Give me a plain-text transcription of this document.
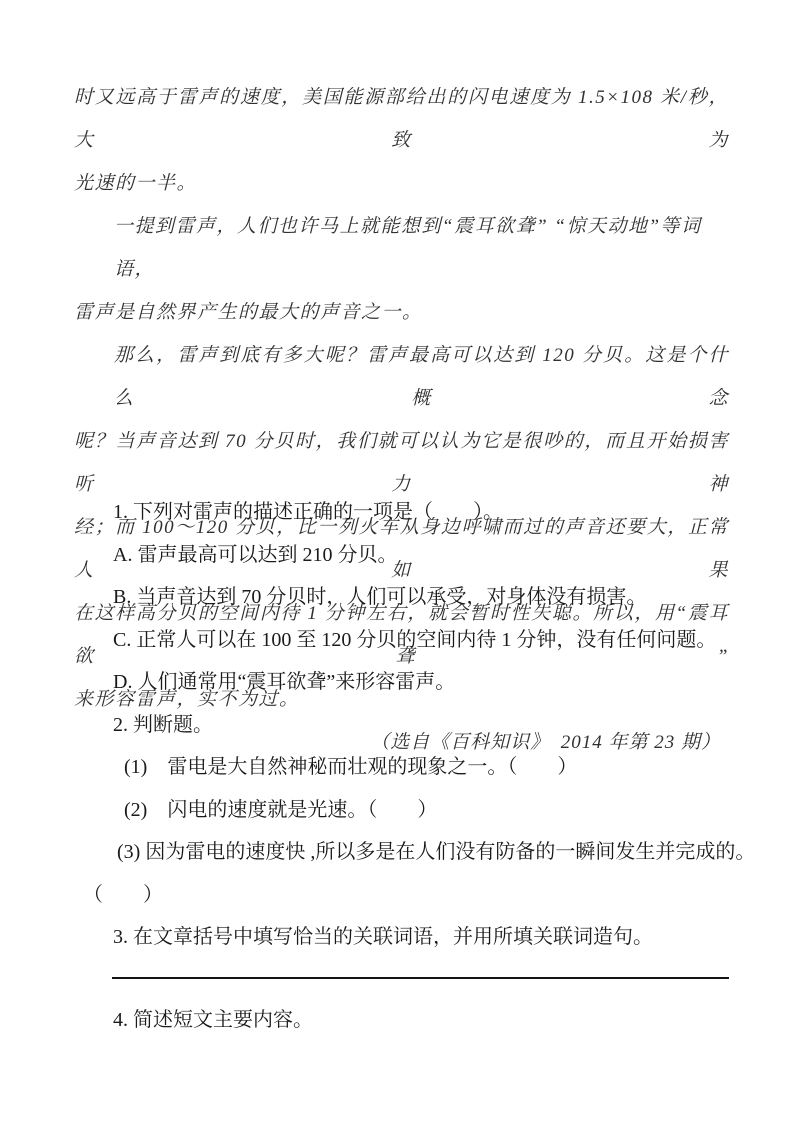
时又远高于雷声的速度，美国能源部给出的闪电速度为 1.5×108 米/秒，大致为
光速的一半。
一提到雷声，人们也许马上就能想到“震耳欲聋” “惊天动地”等词语，
雷声是自然界产生的最大的声音之一。
那么，雷声到底有多大呢？雷声最高可以达到 120 分贝。这是个什么概念
呢？当声音达到 70 分贝时，我们就可以认为它是很吵的，而且开始损害听力神
经；而 100～120 分贝，比一列火车从身边呼啸而过的声音还要大，正常人如果
在这样高分贝的空间内待 1 分钟左右，就会暂时性失聪。所以，用“震耳欲聋”
来形容雷声，实不为过。
（选自《百科知识》　2014 年第 23 期）
1. 下列对雷声的描述正确的一项是（　　）。
A. 雷声最高可以达到 210 分贝。
B. 当声音达到 70 分贝时，人们可以承受，对身体没有损害。
C. 正常人可以在 100 至 120 分贝的空间内待 1 分钟，没有任何问题。
D. 人们通常用“震耳欲聋”来形容雷声。
2. 判断题。
(1)　雷电是大自然神秘而壮观的现象之一。（　　）
(2)　闪电的速度就是光速。（　　）
(3) 因为雷电的速度快 ,所以多是在人们没有防备的一瞬间发生并完成的。
（　　）
3. 在文章括号中填写恰当的关联词语，并用所填关联词造句。
4. 简述短文主要内容。
